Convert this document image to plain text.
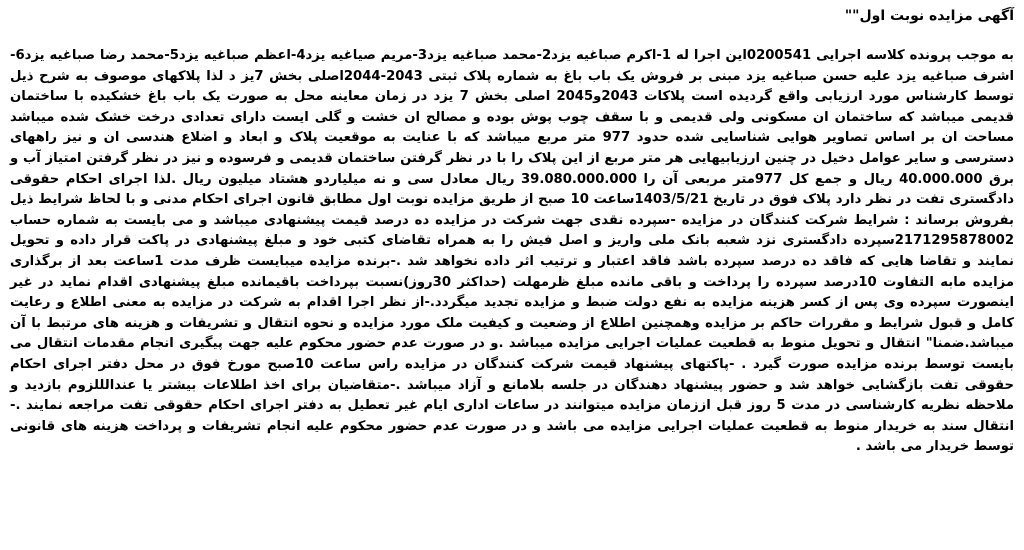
آگهی مزایده نوبت اول""

به موجب پرونده کلاسه اجرایی 0200541این اجرا له 1-اکرم صباغیه یزد2-محمد صباغیه یزد3-مریم صیاغیه یزد4-اعظم صباغیه یزد5-محمد رضا صباغیه یزد6-اشرف صباغیه یزد علیه حسن صباغیه یزد مبنی بر فروش یک باب باغ به شماره پلاک ثبتی 2043-2044اصلی بخش 7یز د لذا پلاکهای موصوف به شرح ذیل توسط کارشناس مورد ارزیابی واقع گردیده است پلاکات 2043و2045 اصلی بخش 7 یزد در زمان معاینه محل به صورت یک باب باغ خشکیده با ساختمان قدیمی میباشد که ساختمان ان مسکونی ولی قدیمی و با سقف چوب پوش بوده و مصالح ان خشت و گلی ایست دارای تعدادی درخت خشک شده میباشد مساحت ان بر اساس تصاویر هوایی شناسایی شده حدود 977 متر مربع میباشد که با عنایت به موقعیت پلاک و ابعاد و اضلاع هندسی ان و نیز راههای دسترسی و سایر عوامل دخیل در چنین ارزیابیهایی هر متر مربع از این پلاک را با در نظر گرفتن ساختمان قدیمی و فرسوده و نیز در نظر گرفتن امتیاز آب و برق 40.000.000 ریال و جمع کل 977متر مربعی آن را 39.080.000.000 ریال معادل سی و نه میلیاردو هشتاد میلیون ریال .لذا اجرای احکام حقوقی دادگستری تفت در نظر دارد پلاک فوق در تاریخ 1403/5/21ساعت 10 صبح از طریق مزایده نوبت اول مطابق قانون اجرای احکام مدنی و با لحاظ شرایط ذیل بفروش برساند : شرایط شرکت کنندگان در مزایده -سپرده نقدی جهت شرکت در مزایده ده درصد قیمت پیشنهادی میباشد و می بایست به شماره حساب 2171295878002سپرده دادگستری نزد شعبه بانک ملی واریز و اصل فیش را به همراه تقاضای کتبی خود و مبلغ پیشنهادی در پاکت قرار داده و تحویل نمایند و تقاضا هایی که فاقد ده درصد سپرده باشد فاقد اعتبار و ترتیب اثر داده نخواهد شد .-برنده مزایده میبایست ظرف مدت 1ساعت بعد از برگذاری مزایده مابه التفاوت 10درصد سپرده را پرداخت و باقی مانده مبلغ ظرمهلت (حداکثر 30روز)نسبت بپرداخت باقیمانده مبلغ پیشنهادی اقدام نماید در غیر اینصورت سپرده وی پس از کسر هزینه مزایده به نفع دولت ضبط و مزایده تجدید میگردد.-از نظر اجرا اقدام به شرکت در مزایده به معنی اطلاع و رعایت کامل و قبول شرایط و مقررات حاکم بر مزایده وهمچنین اطلاع از وضعیت و کیفیت ملک مورد مزایده و نحوه انتقال و تشریفات و هزینه های مرتبط با آن میباشد.ضمنا" انتقال و تحویل منوط به قطعیت عملیات اجرایی مزایده میباشد .و در صورت عدم حضور محکوم علیه جهت پیگیری انجام مقدمات انتقال می بایست توسط برنده مزایده صورت گیرد . -پاکتهای پیشنهاد قیمت شرکت کنندگان در مزایده راس ساعت 10صبح مورخ فوق در محل دفتر اجرای احکام حقوقی تفت بازگشایی خواهد شد و حضور پیشنهاد دهندگان در جلسه بلامانع و آزاد میباشد .-متقاضیان برای اخذ اطلاعات بیشتر یا عندالللزوم بازدید و ملاحظه نظریه کارشناسی در مدت 5 روز قبل اززمان مزایده میتوانند در ساعات اداری ایام غیر تعطیل به دفتر اجرای احکام حقوقی تفت مراجعه نمایند .-انتقال سند به خریدار منوط به قطعیت عملیات اجرایی مزایده می باشد و در صورت عدم حضور محکوم علیه انجام تشریفات و پرداخت هزینه های قانونی توسط خریدار می باشد .
